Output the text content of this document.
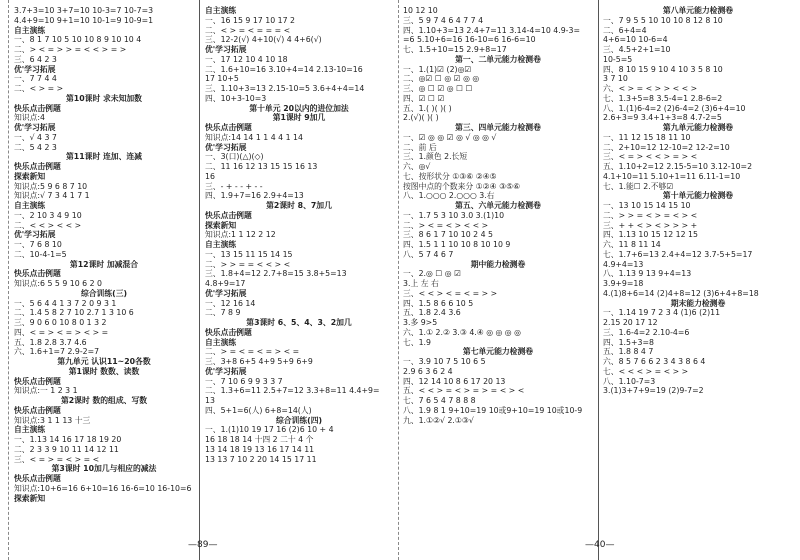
3.7+3=10 3+7=10 10-3=7 10-7=3
4.4+9=10 9+1=10 10-1=9 10-9=1
自主演练
一、8 1 7 10 5 10 10 8 9 10 10 4
二、> < = > > = < < > = >
三、6 4 2 3
优'学习拓展
一、7 7 4 4
二、< > = >
第10课时 求未知加数
快乐点击例题
知识点:4
优'学习拓展
一、√ 4 3 7
二、5 4 2 3
第11课时 连加、连减
快乐点击例题
探索新知
知识点:5 9 6 8 7 10
知识点:√ 7 3 4 1 7 1
自主演练
一、2 10 3 4 9 10
二、< < > < < >
优'学习拓展
一、7 6 8 10
二、10-4-1=5
第12课时 加减混合
快乐点击例题
知识点:6 5 5 9 10 6 2 0
综合训练(三)
一、5 6 4 4 1 3 7 2 0 9 3 1
二、1.4 5 8 2 7 10 2.7 1 3 10 6
三、9 0 6 0 10 8 0 1 3 2
四、< = > < = > < > =
五、1.8 2.8 3.7 4.6
六、1.6+1=7 2.9-2=7
第九单元 认识11~20各数
第1课时 数数、读数
快乐点击例题
知识点:一 1 2 3 1
第2课时 数的组成、写数
快乐点击例题
知识点:3 1 1 13 十三
自主演练
一、1.13 14 16 17 18 19 20
二、2 3 3 9 10 11 14 12 11
三、< = > = < > = <
第3课时 10加几与相应的减法
快乐点击例题
知识点:10+6=16 6+10=16 16-6=10 16-10=6
探索新知
自主演练
一、16 15 9 17 10 17 2
二、< > = < = = = <
三、12-2(√) 4+10(√) 4 4+6(√)
优'学习拓展
一、17 12 10 4 10 18
二、1.6+10=16 3.10+4=14 2.13-10=16
17 10+5
三、1.10+3=13 2.15-10=5 3.6+4+4=14
四、10+3-10=3
第十单元 20以内的进位加法
第1课时 9加几
快乐点击例题
知识点:14 14 1 1 4 4 1 14
优'学习拓展
一、3(口)(△)(◇)
二、11 16 12 13 15 15 16 13
16
三、- + - - + - -
四、1.9+7=16 2.9+4=13
第2课时 8、7加几
快乐点击例题
探索新知
知识点:1 1 12 2 12
自主演练
一、13 15 11 15 14 15
二、> > = = < < > <
三、1.8+4=12 2.7+8=15 3.8+5=13
4.8+9=17
优'学习拓展
一、12 16 14
二、7 8 9
第3课时 6、5、4、3、2加几
快乐点击例题
自主演练
二、> = < = < = > < =
三、3+8 6+5 4+9 5+9 6+9
优'学习拓展
一、7 10 6 9 9 3 3 7
二、1.3+6=11 2.5+7=12 3.3+8=11 4.4+9=
13
四、5+1=6(人) 6+8=14(人)
综合训练(四)
一、1.(1)10 19 17 16 (2)6 10 + 4
16 18 18 14 十四 2 二十 4 个
13 14 18 19 13 16 17 14 11
13 13 7 10 2 20 14 15 17 11
10 12 10
三、5 9 7 4 6 4 7 7 4
四、1.10+3=13 2.4+7=11 3.14-4=10 4.9-3=
=6 5.10+6=16 16-10=6 16-6=10
七、1.5+10=15 2.9+8=17
第一、二单元能力检测卷
一、1.(1)☑ (2)◎☑
二、◎☑ ☐ ◎ ☑ ◎ ◎
三、◎ ☐ ☑ ◎ ☐ ☐
四、☑ ☐ ☑
五、1.( )( )( )
2.(√)( )( )
第三、四单元能力检测卷
一、☑ ◎ ◎ ☑ ◎ √ ◎ ◎ √
二、前 后
三、1.颜色 2.长短
六、◎√
七、按形状分 ①③⑥ ②④⑤
按图中点的个数来分 ①②④ ③⑤⑥
八、1.○○○ 2.○○○ 3.右
第五、六单元能力检测卷
一、1.7 5 3 10 3.0 3.(1)10
二、> < = < > < < >
三、8 6 1 7 10 10 2 4 5
四、1.5 1 1 10 10 8 10 10 9
八、5 7 4 6 7
期中能力检测卷
一、2.◎ ☐ ◎ ☑
3.上 左 右
三、< < > < = < = > >
四、1.5 8 6 6 10 5
五、1.8 2.4 3.6
3.多 9>5
六、1.① 2.② 3.③ 4.④ ◎ ◎ ◎ ◎
七、1.9
第七单元能力检测卷
一、3.9 10 7 5 10 6 5
2.9 6 3 6 2 4
四、12 14 10 8 6 17 20 13
五、< < > = < > = > = < > <
七、7 6 5 4 7 8 8 8
八、1.9 8 1 9+10=19 10或9+10=19 10或10-9
九、1.①②√ 2.①③√
第八单元能力检测卷
一、7 9 5 5 10 10 10 8 12 8 10
二、6+4=4
4+6=10 10-6=4
三、4.5+2+1=10
10-5=5
四、8 10 15 9 10 4 10 3 5 8 10
3 7 10
六、< > = < > > < < >
七、1.3+5=8 3.5-4=1 2.8-6=2
八、1.(1)6-4=2 (2)6-4=2 (3)6+4=10
2.6+3=9 3.4+1+3=8 4.7-2=5
第九单元能力检测卷
一、11 12 15 18 11 10
二、2+10=12 12-10=2 12-2=10
三、< = > < < > = > <
五、1.10+2=12 2.15-5=10 3.12-10=2
4.1+10=11 5.10+1=11 6.11-1=10
七、1.能☐ 2.不够☑
第十单元能力检测卷
一、13 10 15 14 15 10
二、> > = < > = < > <
三、+ + < > < > > > +
四、1.13 10 15 12 12 15
六、11 8 11 14
七、1.7+6=13 2.4+4=12 3.7-5+5=17
4.9+4=13
八、1.13 9 13 9+4=13
3.9+9=18
4.(1)8+6=14 (2)4+8=12 (3)6+4+8=18
期末能力检测卷
一、1.14 19 7 2 3 4 (1)6 (2)11
2.15 20 17 12
三、1.6-4=2 2.10-4=6
四、1.5+3=8
五、1.8 8 4 7
六、8 5 7 6 6 2 3 4 3 8 6 4
七、< < < > = < > >
八、1.10-7=3
3.(1)3+7+9=19 (2)9-7=2
—89—	—40—
